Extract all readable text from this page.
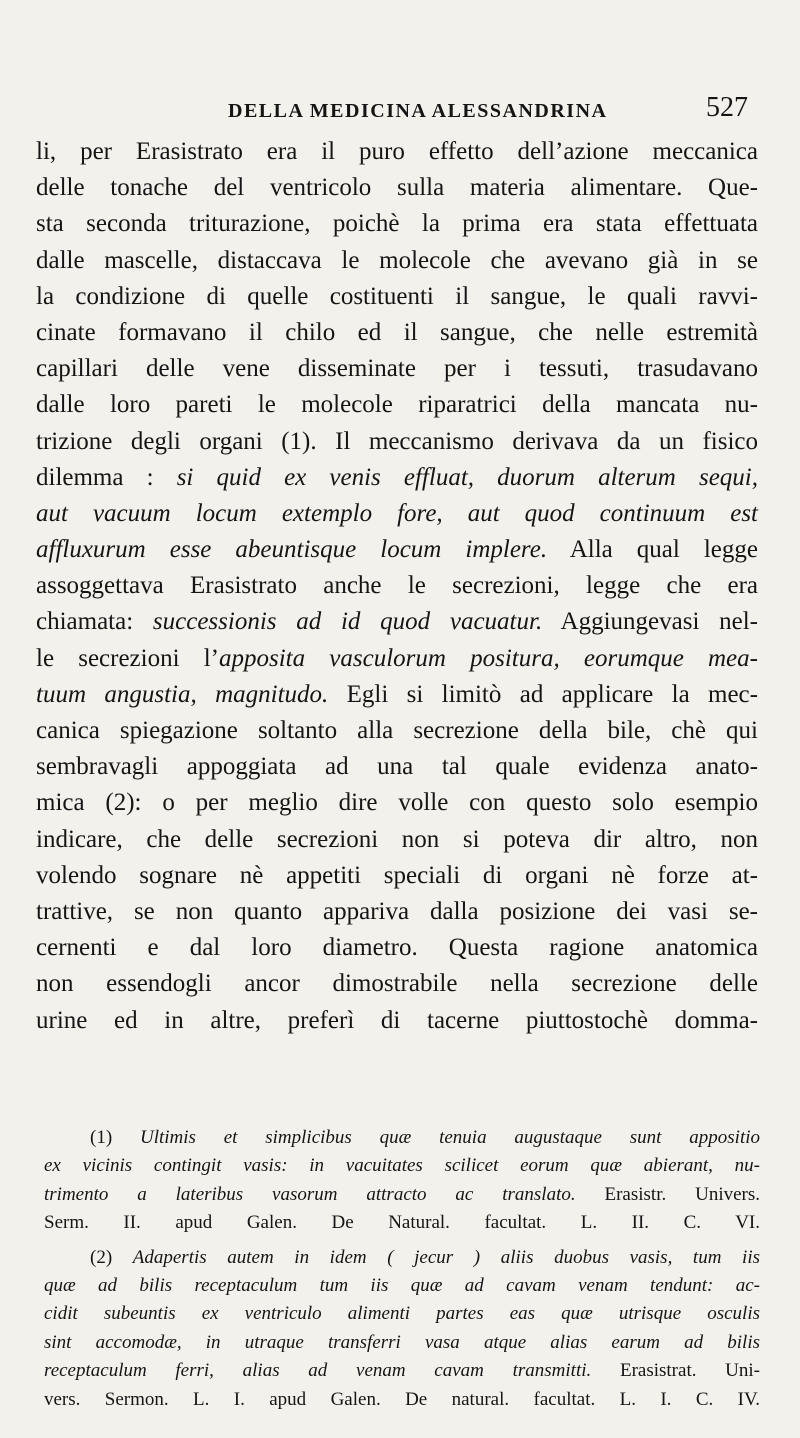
DELLA MEDICINA ALESSANDRINA	527
li, per Erasistrato era il puro effetto dell’azione meccanica
delle tonache del ventricolo sulla materia alimentare. Que-
sta seconda triturazione, poichè la prima era stata effettuata
dalle mascelle, distaccava le molecole che avevano già in se
la condizione di quelle costituenti il sangue, le quali ravvi-
cinate formavano il chilo ed il sangue, che nelle estremità
capillari delle vene disseminate per i tessuti, trasudavano
dalle loro pareti le molecole riparatrici della mancata nu-
trizione degli organi (1). Il meccanismo derivava da un fisico
dilemma : si quid ex venis effluat, duorum alterum sequi,
aut vacuum locum extemplo fore, aut quod continuum est
affluxurum esse abeuntisque locum implere. Alla qual legge
assoggettava Erasistrato anche le secrezioni, legge che era
chiamata: successionis ad id quod vacuatur. Aggiungevasi nel-
le secrezioni l’apposita vasculorum positura, eorumque mea-
tuum angustia, magnitudo. Egli si limitò ad applicare la mec-
canica spiegazione soltanto alla secrezione della bile, chè qui
sembravagli appoggiata ad una tal quale evidenza anato-
mica (2): o per meglio dire volle con questo solo esempio
indicare, che delle secrezioni non si poteva dir altro, non
volendo sognare nè appetiti speciali di organi nè forze at-
trattive, se non quanto appariva dalla posizione dei vasi se-
cernenti e dal loro diametro. Questa ragione anatomica
non essendogli ancor dimostrabile nella secrezione delle
urine ed in altre, preferì di tacerne piuttostochè domma-
(1) Ultimis et simplicibus quæ tenuia augustaque sunt appositio
ex vicinis contingit vasis: in vacuitates scilicet eorum quæ abierant, nu-
trimento a lateribus vasorum attracto ac translato. Erasistr. Univers.
Serm. II. apud Galen. De Natural. facultat. L. II. C. VI.
(2) Adapertis autem in idem ( jecur ) aliis duobus vasis, tum iis
quæ ad bilis receptaculum tum iis quæ ad cavam venam tendunt: ac-
cidit subeuntis ex ventriculo alimenti partes eas quæ utrisque osculis
sint accomodæ, in utraque transferri vasa atque alias earum ad bilis
receptaculum ferri, alias ad venam cavam transmitti. Erasistrat. Uni-
vers. Sermon. L. I. apud Galen. De natural. facultat. L. I. C. IV.
